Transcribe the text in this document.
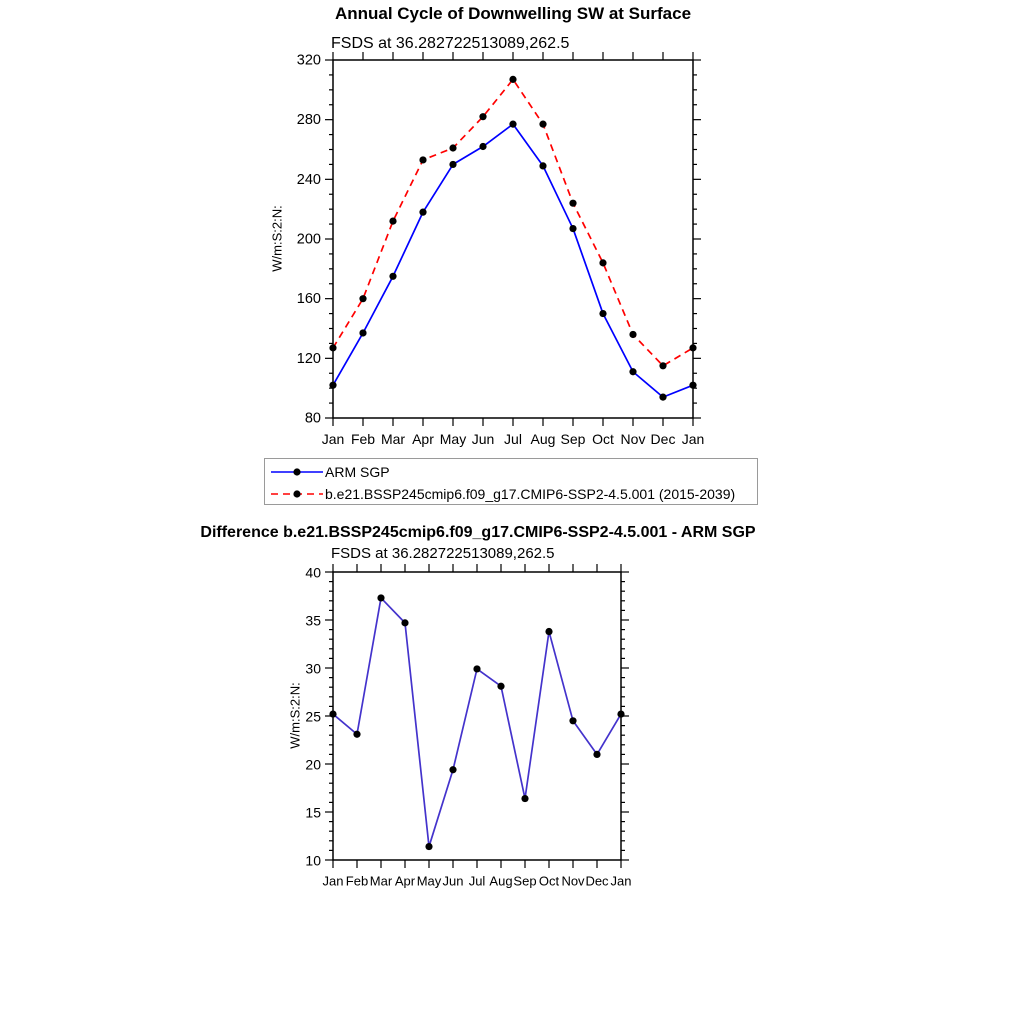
80
120
160
200
240
280
320
Jan Feb Mar Apr May Jun Jul Aug Sep Oct Nov Dec Jan
10
15
20
25
30
35
40
Jan Feb Mar Apr May Jun Jul Aug Sep Oct Nov Dec Jan
Annual Cycle of Downwelling SW at Surface
FSDS at 36.282722513089,262.5
W/m:S:2:N:
ARM SGP
b.e21.BSSP245cmip6.f09_g17.CMIP6-SSP2-4.5.001 (2015-2039)
Difference b.e21.BSSP245cmip6.f09_g17.CMIP6-SSP2-4.5.001 - ARM SGP
FSDS at 36.282722513089,262.5
W/m:S:2:N:
